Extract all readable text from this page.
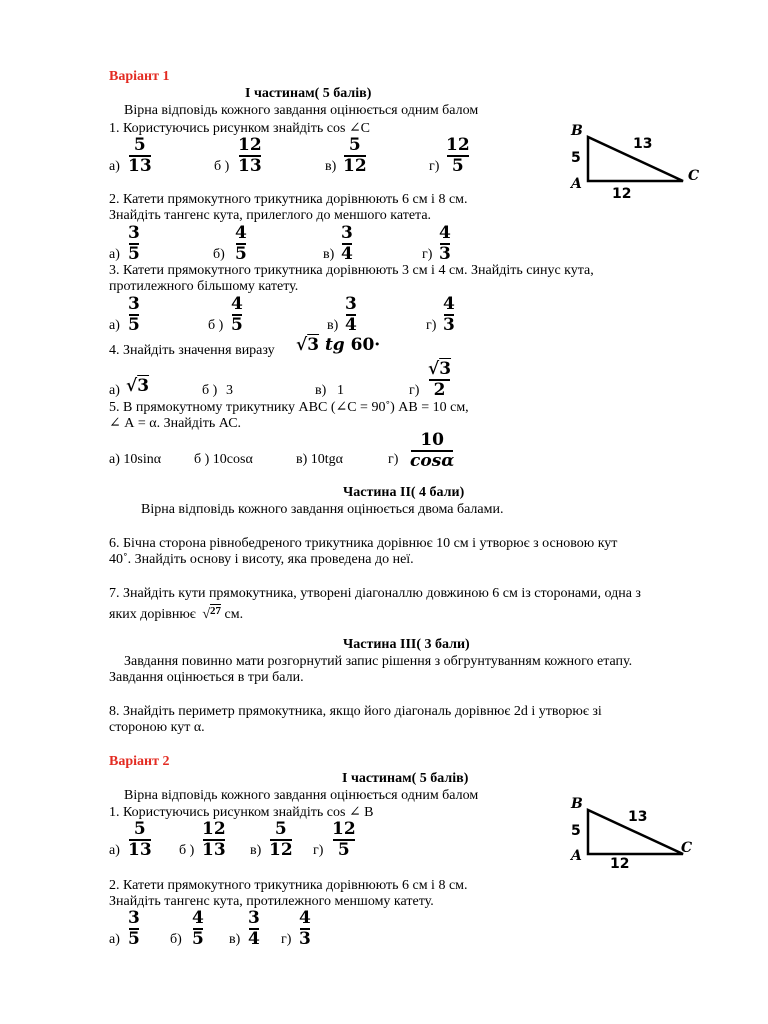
Варіант 1
І частинам( 5 балів)
Вірна відповідь кожного завдання оцінюється одним балом
1. Користуючись рисунком знайдіть cos ∠С
а)
5
13	б )
12
13	в)
5
12	г)
12
5
B
13
5
A	C
12
2. Катети прямокутного трикутника дорівнюють 6 см і 8 см.
Знайдіть тангенс кута, прилеглого до меншого катета.
а)
3
5	б)
4
5	в)
3
4	г)
4
3
3. Катети прямокутного трикутника дорівнюють 3 см і 4 см. Знайдіть синус кута,
протилежного більшому катету.
а)
3
5	б )
4
5	в)
3
4	г)
4
3
4. Знайдіть значення виразу √3 tg 60·
а) √3	б ) 3	в) 1	г)
√3
2
5. В прямокутному трикутнику АВС (∠С = 90˚) АВ = 10 см,
∠ А = α. Знайдіть АС.
а) 10sinα б ) 10cosα	в) 10tgα	г)
10
cosα
Частина ІІ( 4 бали)
Вірна відповідь кожного завдання оцінюється двома балами.
6. Бічна сторона рівнобедреного трикутника дорівнює 10 см і утворює з основою кут
40˚. Знайдіть основу і висоту, яка проведена до неї.
7. Знайдіть кути прямокутника, утворені діагоналлю довжиною 6 см із сторонами, одна з
яких дорівнює √$^{27}$ см.
Частина ІІІ( 3 бали)
Завдання повинно мати розгорнутий запис рішення з обгрунтуванням кожного етапу.
Завдання оцінюється в три бали.
8. Знайдіть периметр прямокутника, якщо його діагональ дорівнює 2d і утворює зі
стороною кут α.
Варіант 2
І частинам( 5 балів)
Вірна відповідь кожного завдання оцінюється одним балом
1. Користуючись рисунком знайдіть cos ∠ В
а)
5
13 б )
12
13 в)
5
12 г)
12
5
B
13
5
A	C
12
2. Катети прямокутного трикутника дорівнюють 6 см і 8 см.
Знайдіть тангенс кута, протилежного меншому катету.
а)
3
5 б)
4
5 в)
3
4 г)
4
3
